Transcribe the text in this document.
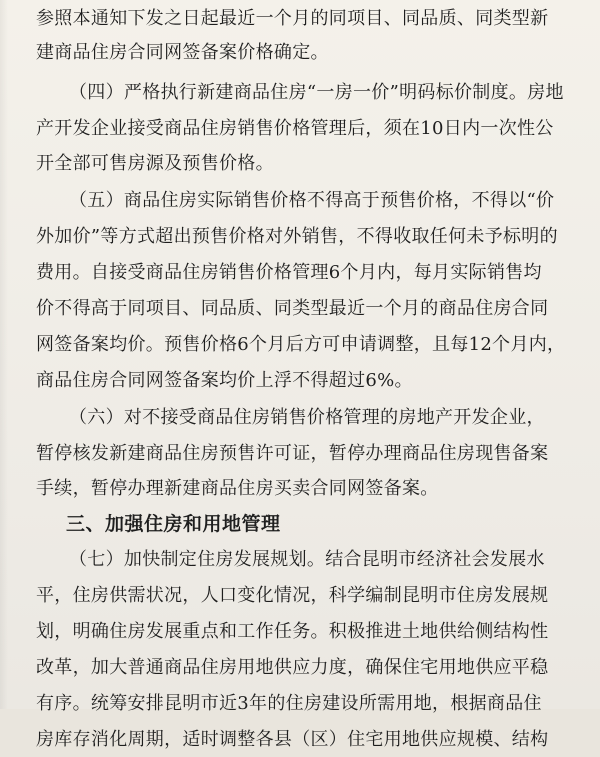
参照本通知下发之日起最近一个月的同项目、同品质、同类型新
建商品住房合同网签备案价格确定。
（四）严格执行新建商品住房“一房一价”明码标价制度。房地
产开发企业接受商品住房销售价格管理后，须在10日内一次性公
开全部可售房源及预售价格。
（五）商品住房实际销售价格不得高于预售价格，不得以“价
外加价”等方式超出预售价格对外销售，不得收取任何未予标明的
费用。自接受商品住房销售价格管理6个月内，每月实际销售均
价不得高于同项目、同品质、同类型最近一个月的商品住房合同
网签备案均价。预售价格6个月后方可申请调整，且每12个月内，
商品住房合同网签备案均价上浮不得超过6%。
（六）对不接受商品住房销售价格管理的房地产开发企业，
暂停核发新建商品住房预售许可证，暂停办理商品住房现售备案
手续，暂停办理新建商品住房买卖合同网签备案。
三、加强住房和用地管理
（七）加快制定住房发展规划。结合昆明市经济社会发展水
平，住房供需状况，人口变化情况，科学编制昆明市住房发展规
划，明确住房发展重点和工作任务。积极推进土地供给侧结构性
改革，加大普通商品住房用地供应力度，确保住宅用地供应平稳
有序。统筹安排昆明市近3年的住房建设所需用地，根据商品住
房库存消化周期，适时调整各县（区）住宅用地供应规模、结构
